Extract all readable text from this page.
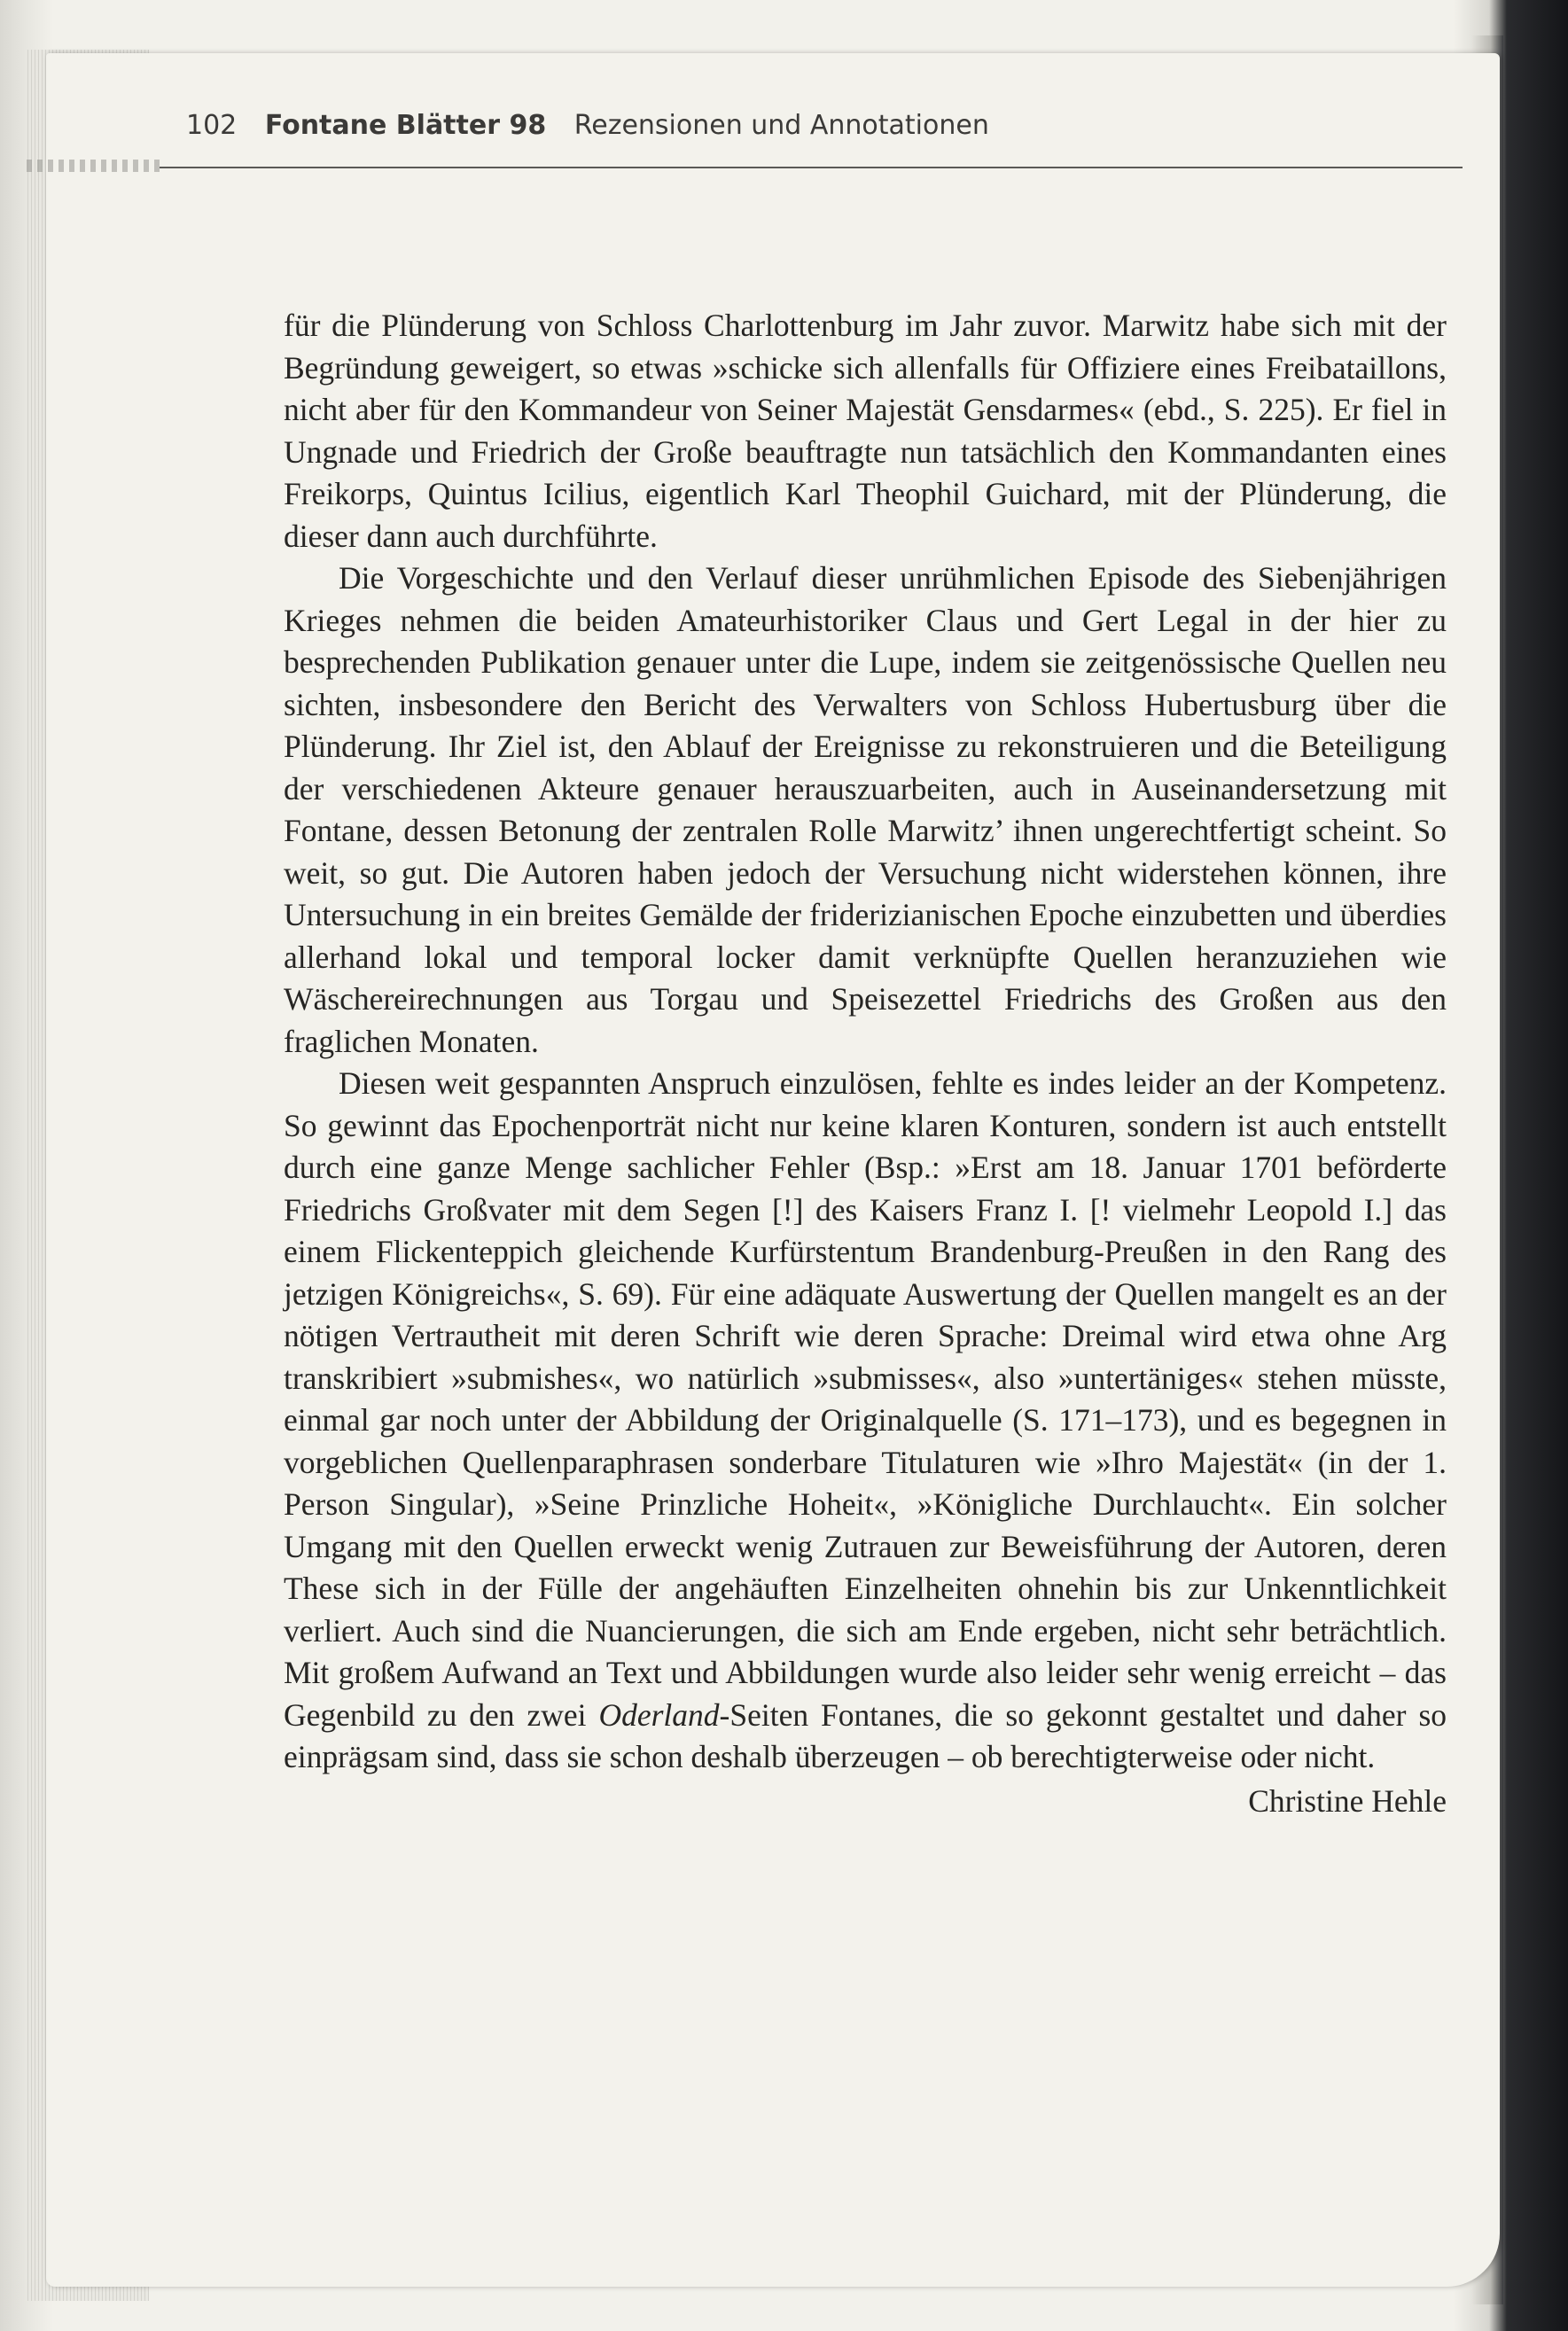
102 Fontane Blätter 98 Rezensionen und Annotationen

für die Plünderung von Schloss Charlottenburg im Jahr zuvor. Marwitz habe sich mit der Begründung geweigert, so etwas »schicke sich allenfalls für Offiziere eines Freibataillons, nicht aber für den Kommandeur von Seiner Majestät Gensdarmes« (ebd., S. 225). Er fiel in Ungnade und Friedrich der Große beauftragte nun tatsächlich den Kommandanten eines Freikorps, Quintus Icilius, eigentlich Karl Theophil Guichard, mit der Plünderung, die dieser dann auch durchführte.

Die Vorgeschichte und den Verlauf dieser unrühmlichen Episode des Siebenjährigen Krieges nehmen die beiden Amateurhistoriker Claus und Gert Legal in der hier zu besprechenden Publikation genauer unter die Lupe, indem sie zeitgenössische Quellen neu sichten, insbesondere den Bericht des Verwalters von Schloss Hubertusburg über die Plünderung. Ihr Ziel ist, den Ablauf der Ereignisse zu rekonstruieren und die Beteiligung der verschiedenen Akteure genauer herauszuarbeiten, auch in Auseinandersetzung mit Fontane, dessen Betonung der zentralen Rolle Marwitz’ ihnen ungerechtfertigt scheint. So weit, so gut. Die Autoren haben jedoch der Versuchung nicht widerstehen können, ihre Untersuchung in ein breites Gemälde der friderizianischen Epoche einzubetten und überdies allerhand lokal und temporal locker damit verknüpfte Quellen heranzuziehen wie Wäschereirechnungen aus Torgau und Speisezettel Friedrichs des Großen aus den fraglichen Monaten.

Diesen weit gespannten Anspruch einzulösen, fehlte es indes leider an der Kompetenz. So gewinnt das Epochenporträt nicht nur keine klaren Konturen, sondern ist auch entstellt durch eine ganze Menge sachlicher Fehler (Bsp.: »Erst am 18. Januar 1701 beförderte Friedrichs Großvater mit dem Segen [!] des Kaisers Franz I. [! vielmehr Leopold I.] das einem Flickenteppich gleichende Kurfürstentum Brandenburg-Preußen in den Rang des jetzigen Königreichs«, S. 69). Für eine adäquate Auswertung der Quellen mangelt es an der nötigen Vertrautheit mit deren Schrift wie deren Sprache: Dreimal wird etwa ohne Arg transkribiert »submishes«, wo natürlich »submisses«, also »untertäniges« stehen müsste, einmal gar noch unter der Abbildung der Originalquelle (S. 171–173), und es begegnen in vorgeblichen Quellenparaphrasen sonderbare Titulaturen wie »Ihro Majestät« (in der 1. Person Singular), »Seine Prinzliche Hoheit«, »Königliche Durchlaucht«. Ein solcher Umgang mit den Quellen erweckt wenig Zutrauen zur Beweisführung der Autoren, deren These sich in der Fülle der angehäuften Einzelheiten ohnehin bis zur Unkenntlichkeit verliert. Auch sind die Nuancierungen, die sich am Ende ergeben, nicht sehr beträchtlich. Mit großem Aufwand an Text und Abbildungen wurde also leider sehr wenig erreicht – das Gegenbild zu den zwei Oderland-Seiten Fontanes, die so gekonnt gestaltet und daher so einprägsam sind, dass sie schon deshalb überzeugen – ob berechtigterweise oder nicht.

Christine Hehle
